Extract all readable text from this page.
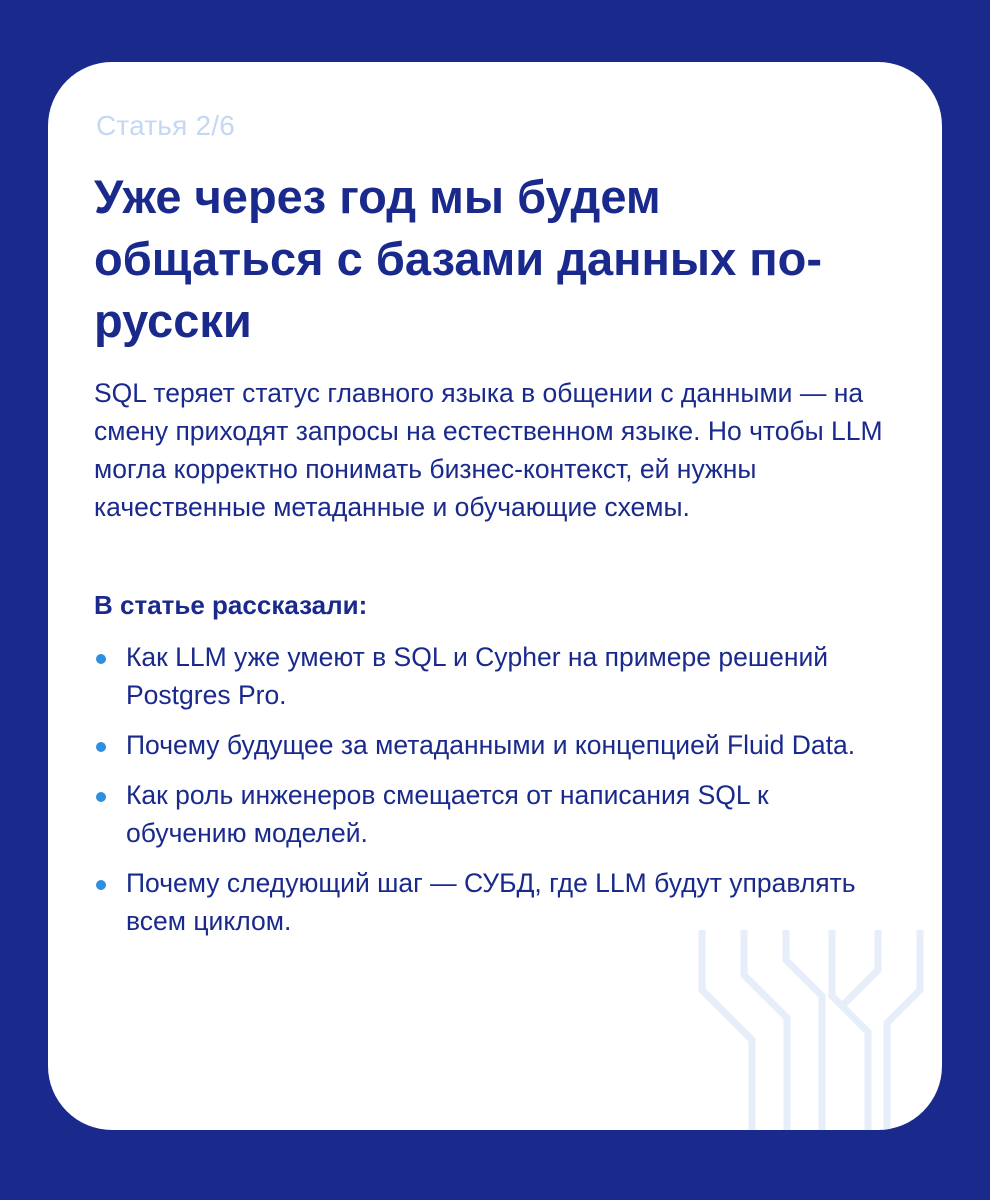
Статья 2/6
Уже через год мы будем общаться с базами данных по-русски

SQL теряет статус главного языка в общении с данными — на смену приходят запросы на естественном языке. Но чтобы LLM могла корректно понимать бизнес-контекст, ей нужны качественные метаданные и обучающие схемы.

В статье рассказали:
Как LLM уже умеют в SQL и Cypher на примере решений Postgres Pro.
Почему будущее за метаданными и концепцией Fluid Data.
Как роль инженеров смещается от написания SQL к обучению моделей.
Почему следующий шаг — СУБД, где LLM будут управлять всем циклом.
